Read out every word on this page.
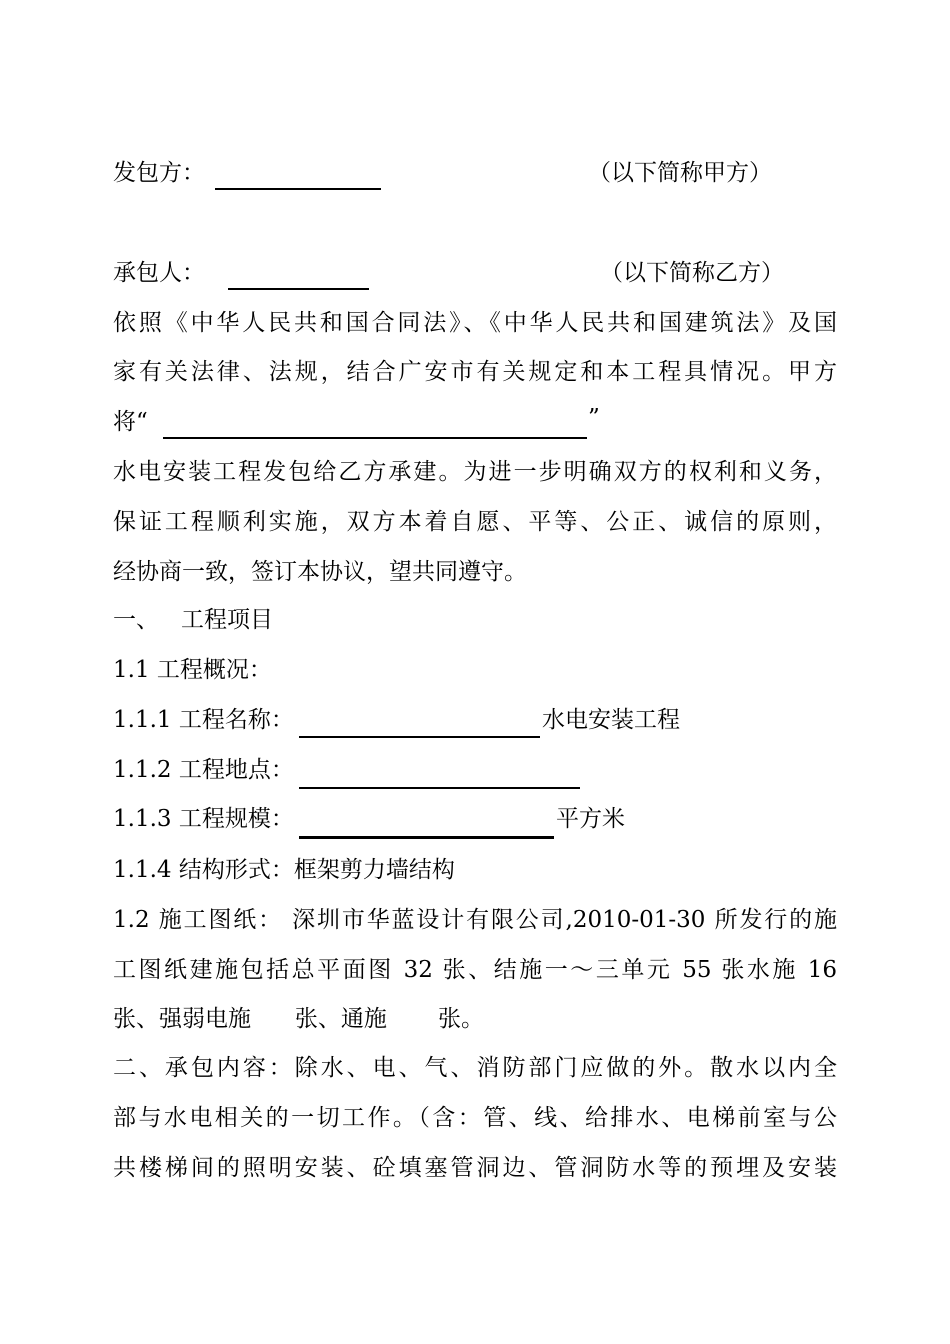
发包方：	（以下简称甲方）
承包人：	（以下简称乙方）
依照《中华人民共和国合同法》、《中华人民共和国建筑法》及国
家有关法律、法规，结合广安市有关规定和本工程具情况。甲方
将“	”
水电安装工程发包给乙方承建。为进一步明确双方的权利和义务，
保证工程顺利实施，双方本着自愿、平等、公正、诚信的原则，
经协商一致，签订本协议，望共同遵守。
一、 工程项目
1.1 工程概况：
1.1.1 工程名称：	水电安装工程
1.1.2 工程地点：
1.1.3 工程规模：	平方米
1.1.4 结构形式：框架剪力墙结构
1.2 施工图纸： 深圳市华蓝设计有限公司,2010-01-30 所发行的施
工图纸建施包括总平面图 32 张、结施一～三单元 55 张水施 16
张、强弱电施      张、通施       张。
二、承包内容：除水、电、气、消防部门应做的外。散水以内全
部与水电相关的一切工作。（含：管、线、给排水、电梯前室与公
共楼梯间的照明安装、砼填塞管洞边、管洞防水等的预埋及安装
